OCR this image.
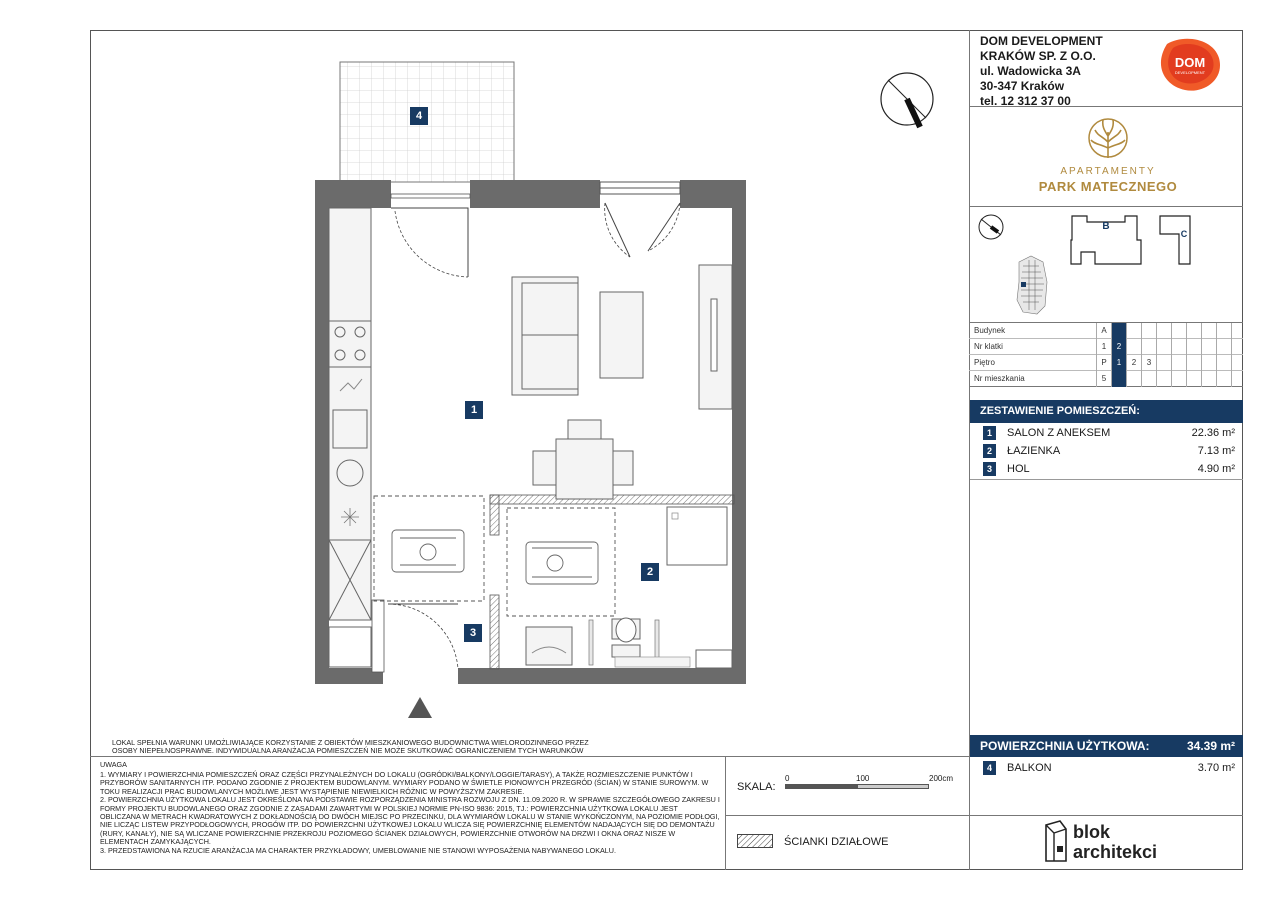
DOM DEVELOPMENT
KRAKÓW SP. Z O.O.
ul. Wadowicka 3A
30-347 Kraków
tel. 12 312 37 00
DOM
DEVELOPMENT
APARTAMENTY
PARK MATECZNEGO
B
C
Budynek	A
Nr klatki	1	2
Piętro	P	1	2	3
Nr mieszkania	5
ZESTAWIENIE POMIESZCZEŃ:
1	SALON Z ANEKSEM	22.36 m²
2	ŁAZIENKA	7.13 m²
3	HOL	4.90 m²
POWIERZCHNIA UŻYTKOWA:	34.39 m²
4	BALKON	3.70 m²
blok
architekci
LOKAL SPEŁNIA WARUNKI UMOŻLIWIAJĄCE KORZYSTANIE Z OBIEKTÓW MIESZKANIOWEGO BUDOWNICTWA WIELORODZINNEGO PRZEZ OSOBY NIEPEŁNOSPRAWNE. INDYWIDUALNA ARANŻACJA POMIESZCZEŃ NIE MOŻE SKUTKOWAĆ OGRANICZENIEM TYCH WARUNKÓW
UWAGA
1. WYMIARY I POWIERZCHNIA POMIESZCZEŃ ORAZ CZĘŚCI PRZYNALEŻNYCH DO LOKALU (OGRÓDKI/BALKONY/LOGGIE/TARASY), A TAKŻE ROZMIESZCZENIE PUNKTÓW I PRZYBORÓW SANITARNYCH ITP. PODANO ZGODNIE Z PROJEKTEM BUDOWLANYM. WYMIARY PODANO W ŚWIETLE PIONOWYCH PRZEGRÓD (ŚCIAN) W STANIE SUROWYM. W TOKU REALIZACJI PRAC BUDOWLANYCH MOŻLIWE JEST WYSTĄPIENIE NIEWIELKICH RÓŻNIC W POWYŻSZYM ZAKRESIE.
2. POWIERZCHNIA UŻYTKOWA LOKALU JEST OKREŚLONA NA PODSTAWIE ROZPORZĄDZENIA MINISTRA ROZWOJU Z DN. 11.09.2020 R. W SPRAWIE SZCZEGÓŁOWEGO ZAKRESU I FORMY PROJEKTU BUDOWLANEGO ORAZ ZGODNIE Z ZASADAMI ZAWARTYMI W POLSKIEJ NORMIE PN-ISO 9836: 2015, TJ.: POWIERZCHNIA UŻYTKOWA LOKALU JEST OBLICZANA W METRACH KWADRATOWYCH Z DOKŁADNOŚCIĄ DO DWÓCH MIEJSC PO PRZECINKU, DLA WYMIARÓW LOKALU W STANIE WYKOŃCZONYM, NA POZIOMIE PODŁOGI, NIE LICZĄC LISTEW PRZYPODŁOGOWYCH, PROGÓW ITP. DO POWIERZCHNI UŻYTKOWEJ LOKALU WLICZA SIĘ POWIERZCHNIĘ ELEMENTÓW NADAJĄCYCH SIĘ DO DEMONTAŻU (RURY, KANAŁY), NIE SĄ WLICZANE POWIERZCHNIE PRZEKROJU POZIOMEGO ŚCIANEK DZIAŁOWYCH, POWIERZCHNIE OTWORÓW NA DRZWI I OKNA ORAZ NISZE W ELEMENTACH ZAMYKAJĄCYCH.
3. PRZEDSTAWIONA NA RZUCIE ARANŻACJA MA CHARAKTER PRZYKŁADOWY, UMEBLOWANIE NIE STANOWI WYPOSAŻENIA NABYWANEGO LOKALU.
SKALA:
0	100	200cm
ŚCIANKI DZIAŁOWE
4
1
2
3
